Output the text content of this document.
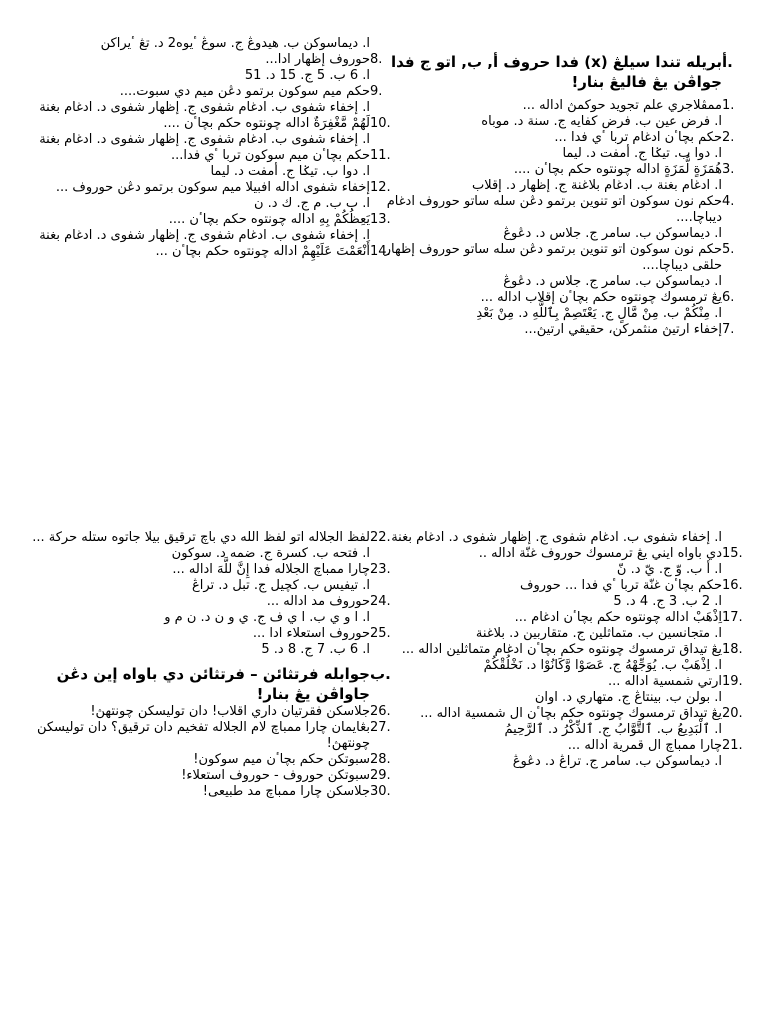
أ.
بريله تندا سيلڠ (x) فدا حروف أ, ب, اتو ج فدا جواڤن يڠ فاليڠ بنار!
1.
ممڤلاجري علم تجويد حوكمڽ اداله ...
ا. فرض عين ب. فرض كفايه ج. سنة د. موباه
2.
حكم بچاٴن ادغام تربا ٴي فدا ...
ا. دوا ب. تيݢا ج. أمفت د. ليما
3.
هُمَزَةٍ لُّمَزَةٍ اداله چونتوه حكم بچاٴن ....
ا. ادغام بغنة ب. ادغام بلاغنة ج. إظهار د. إقلاب
4.
حكم نون سوكون اتو تنوين برتمو دڠن سله ساتو حوروف ادغام ديباچا....
ا. ديماسوكن ب. سامر ج. جلاس د. دڠوڠ
5.
حكم نون سوكون اتو تنوين برتمو دڠن سله ساتو حوروف إظهار حلقى ديباچا....
ا. ديماسوكن ب. سامر ج. جلاس د. دڠوڠ
6.
يڠ ترمسوك چونتوه حكم بچاٴن إقلاب اداله ...
ا. مِنْكُمْ ب. مِنْ مَّالٍ ج. يَعْتَصِمْ بِٱللَّهِ د. مِنْ بَعْدِ
7.
إخفاء ارتيڽ منثمركن، حقيقي ارتيڽ...
ا. ديماسوكن ب. هيدوڠ ج. سوڠ ٴيوه2 د. تڠ ٴيراكن
8.
حوروف إظهار ادا...
ا. 6 ب. 5 ج. 15 د. 51
9.
حكم ميم سوكون برتمو دڠن ميم دي سبوت....
ا. إخفاء شفوى ب. ادغام شفوى ج. إظهار شفوى د. ادغام بغنة
10.
لَهُمْ مَّغْفِرَةٌ اداله چونتوه حكم بچاٴن ....
ا. إخفاء شفوى ب. ادغام شفوى ج. إظهار شفوى د. ادغام بغنة
11.
حكم بچاٴن ميم سوكون تربا ٴي فدا...
ا. دوا ب. تيݢا ج. أمفت د. ليما
12.
إخفاء شفوى اداله افبيلا ميم سوكون برتمو دڠن حوروف ...
ا. ب ب. م ج. ك د. ن
13.
يَعِظُكُمْ بِهِ اداله چونتوه حكم بچاٴن ....
ا. إخفاء شفوى ب. ادغام شفوى ج. إظهار شفوى د. ادغام بغنة
14.
أَنْعَمْتَ عَلَيْهِمْ اداله چونتوه حكم بچاٴن ...
ا. إخفاء شفوى ب. ادغام شفوى ج. إظهار شفوى د. ادغام بغنة
15.
دي باواه ايني يڠ ترمسوك حوروف غنّة اداله ..
ا. أ ب. وّ ج. يّ د. نّ
16.
حكم بچاٴن غنّة تربا ٴي فدا ... حوروف
ا. 2 ب. 3 ج. 4 د. 5
17.
اِذْهَبْ اداله چونتوه حكم بچاٴن ادغام ...
ا. متجانسين ب. متماثلين ج. متقاربين د. بلاغنة
18.
يڠ تيداق ترمسوك چونتوه حكم بچاٴن ادغام متماثلين اداله ...
ا. اِذْهَبْ ب. يُوَجِّهْهُ ج. عَصَوْا وَّكَانُوْا د. نَخْلُقْكُمْ
19.
ارتي شمسية اداله ...
ا. بولن ب. بينتاڠ ج. متهاري د. اوان
20.
يڠ تيداق ترمسوك چونتوه حكم بچاٴن ال شمسية اداله ...
ا. ٱلْبَدِيعُ ب. ٱلتَّوَّابُ ج. ٱلذِّكْرُ د. ٱلرَّحِيمُ
21.
چارا ممباچ ال قمرية اداله ...
ا. ديماسوكن ب. سامر ج. تراڠ د. دڠوڠ
22.
لفظ الجلاله اتو لفظ الله دي باچ ترقيق بيلا جاتوه ستله حركة ...
ا. فتحه ب. كسرة ج. ضمه د. سوكون
23.
چارا ممباچ الجلاله فدا إِنَّ للَّهَ اداله ...
ا. تيفيس ب. كچيل ج. تبل د. تراڠ
24.
حوروف مد اداله ...
ا. ا و ي ب. ا ي ف ج. ي و ن د. ن م و
25.
حوروف استعلاء ادا ...
ا. 6 ب. 7 ج. 8 د. 5
ب.
جوابله فرتثائن – فرتثائن دي باواه إين دڠن جاواڤن يڠ بنار!
26.
جلاسكن فقرتيان داري اقلاب! دان توليسكن چونتهڽ!
27.
بڠايمان چارا ممباچ لام الجلاله تفخيم دان ترقيق؟ دان توليسكن چونتهڽ!
28.
سبوتكن حكم بچاٴن ميم سوكون!
29.
سبوتكن حوروف - حوروف استعلاء!
30.
جلاسكن چارا ممباچ مد طبيعى!
